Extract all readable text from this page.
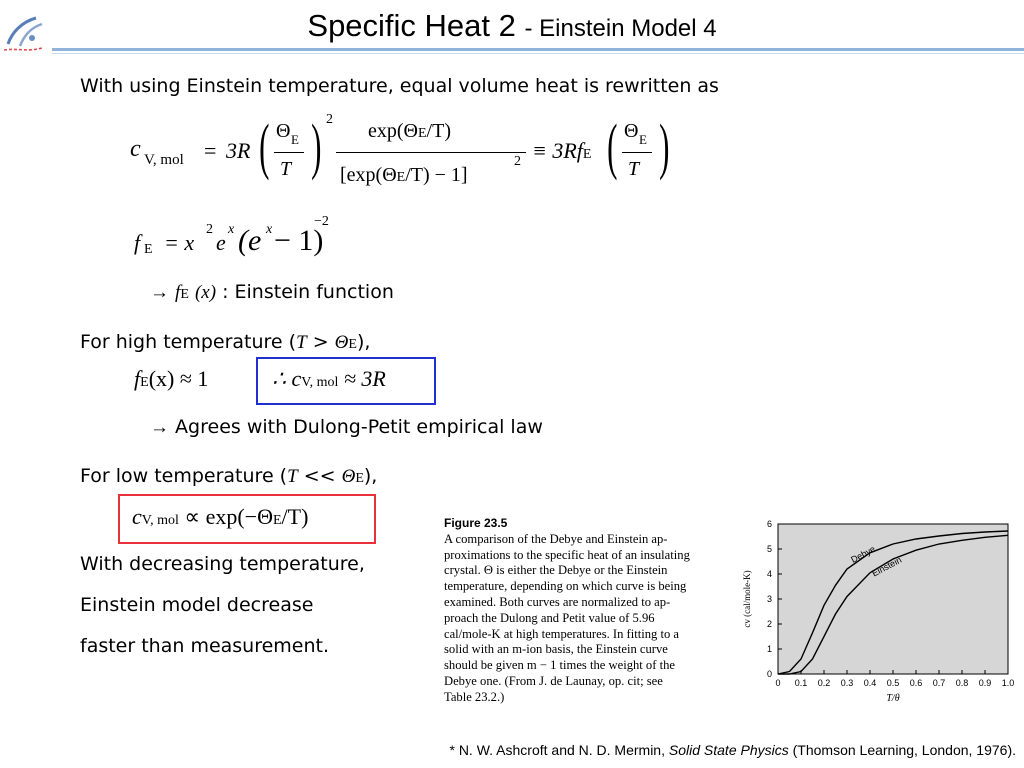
Specific Heat 2 - Einstein Model 4
With using Einstein temperature, equal volume heat is rewritten as
c V, mol = 3R ( Θ E
T ) 2
exp(ΘE/T)
[exp(ΘE/T) − 1]
2 ≡ 3RfE ( Θ E
T )
f E = x
2
e
x (e x − 1)
−2
→ fE (x) : Einstein function
For high temperature (T > ΘE),
fE(x) ≈ 1	∴ cV, mol ≈ 3R
→ Agrees with Dulong-Petit empirical law
For low temperature (T << ΘE),
cV, mol ∝ exp(−ΘE/T)
With decreasing temperature,
Einstein model decrease
faster than measurement.
Figure 23.5
A comparison of the Debye and Einstein ap-
proximations to the specific heat of an insulating
crystal. Θ is either the Debye or the Einstein
temperature, depending on which curve is being
examined. Both curves are normalized to ap-
proach the Dulong and Petit value of 5.96
cal/mole-K at high temperatures. In fitting to a
solid with an m-ion basis, the Einstein curve
should be given m − 1 times the weight of the
Debye one. (From J. de Launay, op. cit; see
Table 23.2.)
0 0.1 0.2 0.3 0.4 0.5 0.6 0.7 0.8 0.9 1.0
0
1
2
3
4
5
6
T/θ
cv (cal/mole-K)
Debye
Einstein
* N. W. Ashcroft and N. D. Mermin, Solid State Physics (Thomson Learning, London, 1976).
